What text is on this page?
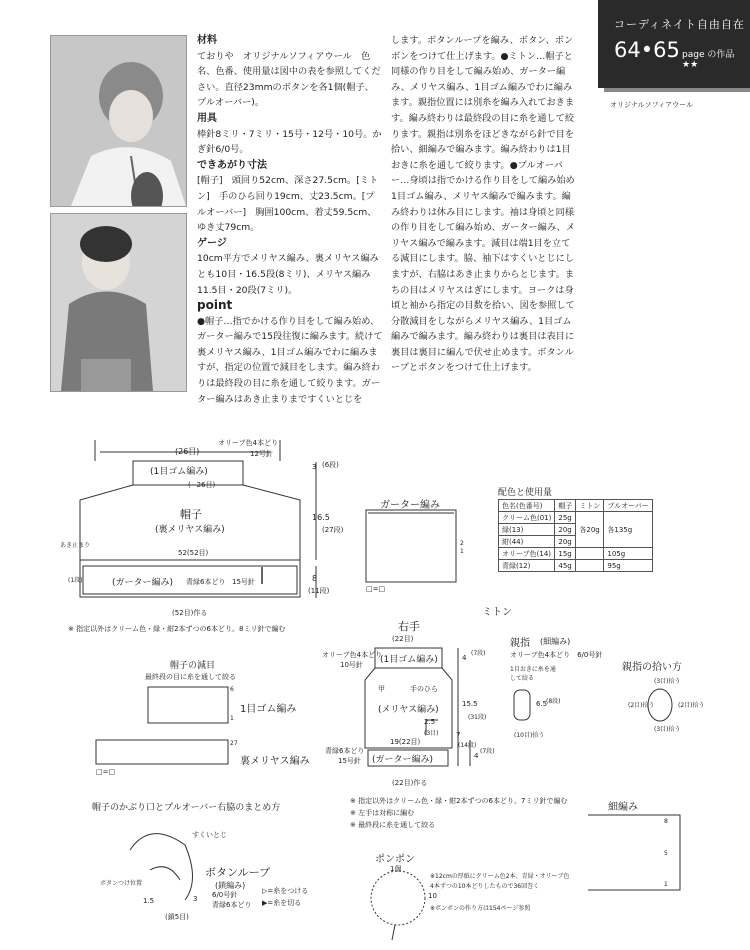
コーディネイト自由自在
64•65 page の作品 ★★
オリジナルソフィアウール

材料

ておりや　オリジナルソフィアウール　色名、色番、使用量は図中の表を参照してください。直径23mmのボタンを各1個(帽子、プルオーバー)。

用具

棒針8ミリ・7ミリ・15号・12号・10号。かぎ針6/0号。

できあがり寸法

[帽子]　頭回り52cm、深さ27.5cm。[ミトン]　手のひら回り19cm、丈23.5cm。[プルオーバー]　胸囲100cm、着丈59.5cm、ゆき丈79cm。

ゲージ

10cm平方でメリヤス編み、裏メリヤス編みとも10目・16.5段(8ミリ)、メリヤス編み11.5目・20段(7ミリ)。

point

●帽子…指でかける作り目をして編み始め、ガーター編みで15段往復に編みます。続けて裏メリヤス編み、1目ゴム編みでわに編みますが、指定の位置で減目をします。編み終わりは最終段の目に糸を通して絞ります。ガーター編みはあき止まりまですくいとじを

します。ボタンループを編み、ボタン、ボンボンをつけて仕上げます。●ミトン…帽子と同様の作り目をして編み始め、ガーター編み、メリヤス編み、1目ゴム編みでわに編みます。親指位置には別糸を編み入れておきます。編み終わりは最終段の目に糸を通して絞ります。親指は別糸をほどきながら針で目を拾い、細編みで編みます。編み終わりは1目おきに糸を通して絞ります。●プルオーバー…身頃は指でかける作り目をして編み始め1目ゴム編み、メリヤス編みで編みます。編み終わりは休み目にします。袖は身頃と同様の作り目をして編み始め、ガーター編み、メリヤス編みで編みます。減目は端1目を立てる減目にします。脇、袖下はすくいとじにしますが、右脇はあき止まりからとじます。まちの目はメリヤスはぎにします。ヨークは身頃と袖から指定の目数を拾い、図を参照して分散減目をしながらメリヤス編み、1目ゴム編みで編みます。編み終わりは裏目は表目に裏目は裏目に編んで伏せ止めます。ボタンループとボタンをつけて仕上げます。

オリーブ色4本どり
12号針
(26目)
(1目ゴム編み)
(−26目)
3 (6段)
帽子
(裏メリヤス編み)
16.5
(27段)
52(52目)
あき止まり
(1段)	(ガーター編み) 青緑6本どり 15号針	8
(11段)
(52目)作る
※ 指定以外はクリーム色・緑・紺2本ずつの6本どり。8ミリ針で編む
ガーター編み
□=□
2
1
配色と使用量
色名(色番号)	帽子	ミトン	プルオーバー
クリーム色(01)	25g	各20g	各135g
緑(13)	20g		
紺(44)	20g		
オリーブ色(14)	15g		105g
青緑(12)	45g		95g
ミトン
右手
(22目)
オリーブ色4本どり
10号針 (1目ゴム編み)	4
(7段)
甲	手のひら
(メリヤス編み)
15.5
(31段)
2.5
(3目)
19(22目)
(ガーター編み)
青緑6本どり
15号針
7
(14段)
4
(7段)
(22目)作る
※ 指定以外はクリーム色・緑・紺2本ずつの6本どり。7ミリ針で編む
※ 左手は対称に編む
※ 最終段に糸を通して絞る
親指 (細編み)
オリーブ色4本どり　6/0号針
1目おきに糸を通して絞る
6.5
(8段)
(10目)拾う
親指の拾い方
(3目)拾う
(2目)拾う	(2目)拾う
(3目)拾う
帽子の減目
最終段の目に糸を通して絞る
1目ゴム編み
裏メリヤス編み
□=□
6
1
27
帽子のかぶり口とプルオーバー右脇のまとめ方
すくいとじ
ボタンループ
(鎖編み)
6/0号針
青緑6本どり
ボタンつけ位置
1.5	3
(鎖5目)
▷=糸をつける
▶=糸を切る
ポンポン
1個
※12cmの厚紙にクリーム色2本、青緑・オリーブ色4本ずつの10本どりしたもので36回巻く
※ボンボンの作り方は154ページ参照
10
細編み
8
5
1
